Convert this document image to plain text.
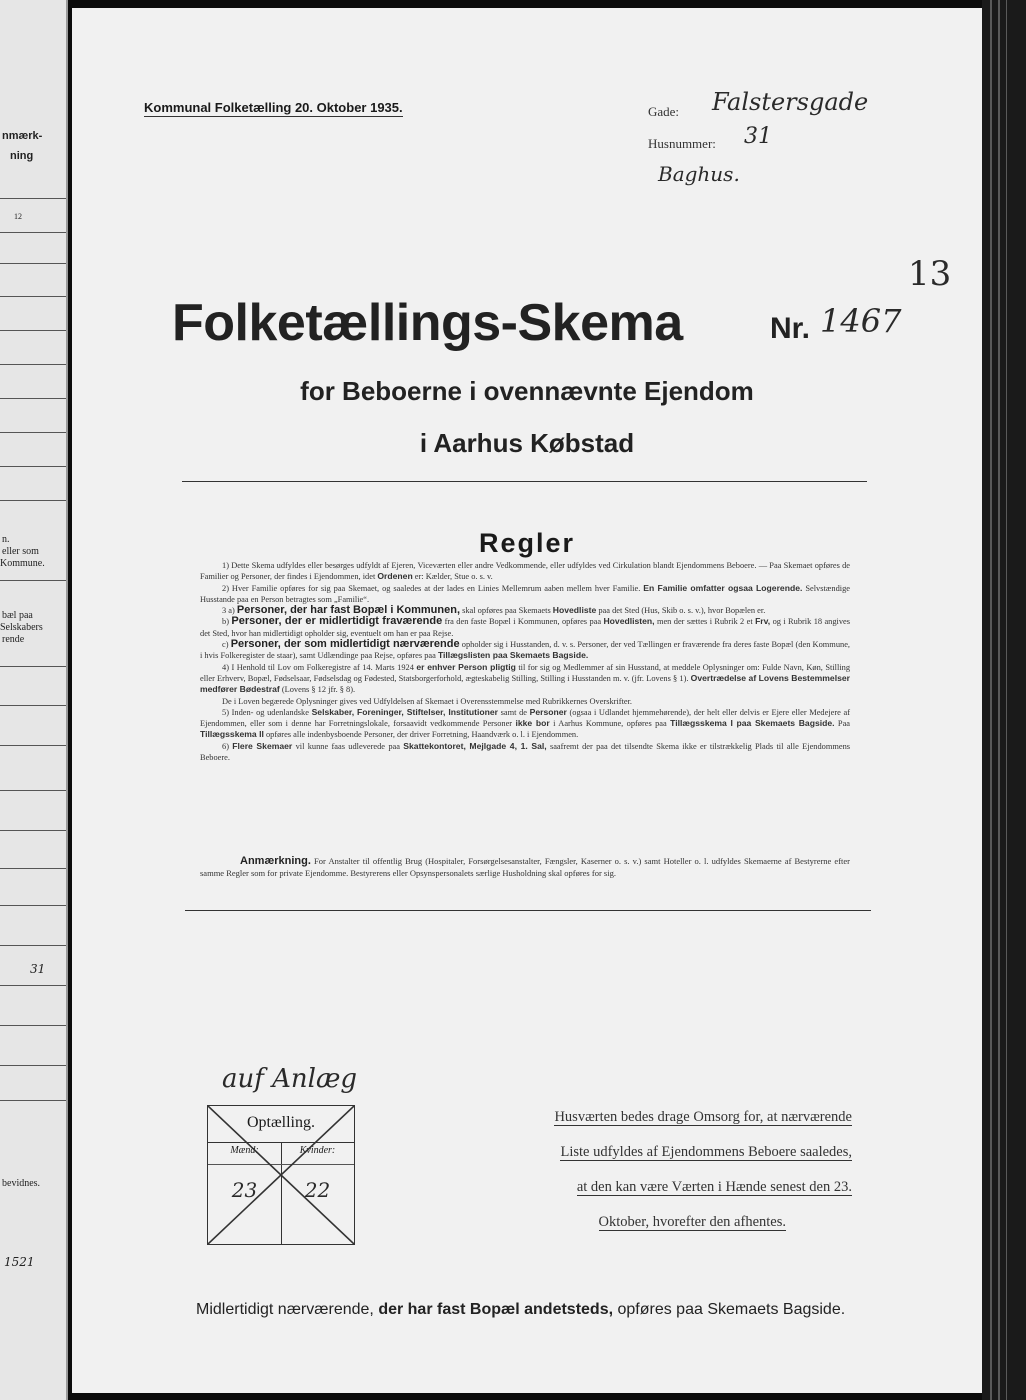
nmærk-
ning
12
n.
eller som
Kommune.
bæl paa
Selskabers
rende
31
bevidnes.
1521
Kommunal Folketælling 20. Oktober 1935.	Gade: Falstersgade
Husnummer: 31
Baghus.
13
Folketællings-Skema	Nr. 1467
for Beboerne i ovennævnte Ejendom
i Aarhus Købstad
Regler

1) Dette Skema udfyldes eller besørges udfyldt af Ejeren, Viceværten eller andre Vedkommende, eller udfyldes ved Cirkulation blandt Ejendommens Beboere. — Paa Skemaet opføres de Familier og Personer, der findes i Ejendommen, idet Ordenen er: Kælder, Stue o. s. v.

2) Hver Familie opføres for sig paa Skemaet, og saaledes at der lades en Linies Mellemrum aaben mellem hver Familie. En Familie omfatter ogsaa Logerende. Selvstændige Husstande paa en Person betragtes som „Familie“.

3 a) Personer, der har fast Bopæl i Kommunen, skal opføres paa Skemaets Hovedliste paa det Sted (Hus, Skib o. s. v.), hvor Bopælen er.

b) Personer, der er midlertidigt fraværende fra den faste Bopæl i Kommunen, opføres paa Hovedlisten, men der sættes i Rubrik 2 et Frv, og i Rubrik 18 angives det Sted, hvor han midlertidigt opholder sig, eventuelt om han er paa Rejse.

c) Personer, der som midlertidigt nærværende opholder sig i Husstanden, d. v. s. Personer, der ved Tællingen er fraværende fra deres faste Bopæl (den Kommune, i hvis Folkeregister de staar), samt Udlændinge paa Rejse, opføres paa Tillægslisten paa Skemaets Bagside.

4) I Henhold til Lov om Folkeregistre af 14. Marts 1924 er enhver Person pligtig til for sig og Medlemmer af sin Husstand, at meddele Oplysninger om: Fulde Navn, Køn, Stilling eller Erhverv, Bopæl, Fødselsaar, Fødselsdag og Fødested, Statsborgerforhold, ægteskabelig Stilling, Stilling i Husstanden m. v. (jfr. Lovens § 1). Overtrædelse af Lovens Bestemmelser medfører Bødestraf (Lovens § 12 jfr. § 8).

De i Loven begærede Oplysninger gives ved Udfyldelsen af Skemaet i Overensstemmelse med Rubrikkernes Overskrifter.

5) Inden- og udenlandske Selskaber, Foreninger, Stiftelser, Institutioner samt de Personer (ogsaa i Udlandet hjemmehørende), der helt eller delvis er Ejere eller Medejere af Ejendommen, eller som i denne har Forretningslokale, forsaavidt vedkommende Personer ikke bor i Aarhus Kommune, opføres paa Tillægsskema I paa Skemaets Bagside. Paa Tillægsskema II opføres alle indenbysboende Personer, der driver Forretning, Haandværk o. l. i Ejendommen.

6) Flere Skemaer vil kunne faas udleverede paa Skattekontoret, Mejlgade 4, 1. Sal, saafremt der paa det tilsendte Skema ikke er tilstrækkelig Plads til alle Ejendommens Beboere.

Anmærkning. For Anstalter til offentlig Brug (Hospitaler, Forsørgelsesanstalter, Fængsler, Kaserner o. s. v.) samt Hoteller o. l. udfyldes Skemaerne af Bestyrerne efter samme Regler som for private Ejendomme. Bestyrerens eller Opsynspersonalets særlige Husholdning skal opføres for sig.
auf Anlæg
Optælling.
Mænd:	Kvinder:
23	22
Husværten bedes drage Omsorg for, at nærværende
Liste udfyldes af Ejendommens Beboere saaledes,
at den kan være Værten i Hænde senest den 23.
Oktober, hvorefter den afhentes.
Midlertidigt nærværende, der har fast Bopæl andetsteds, opføres paa Skemaets Bagside.
